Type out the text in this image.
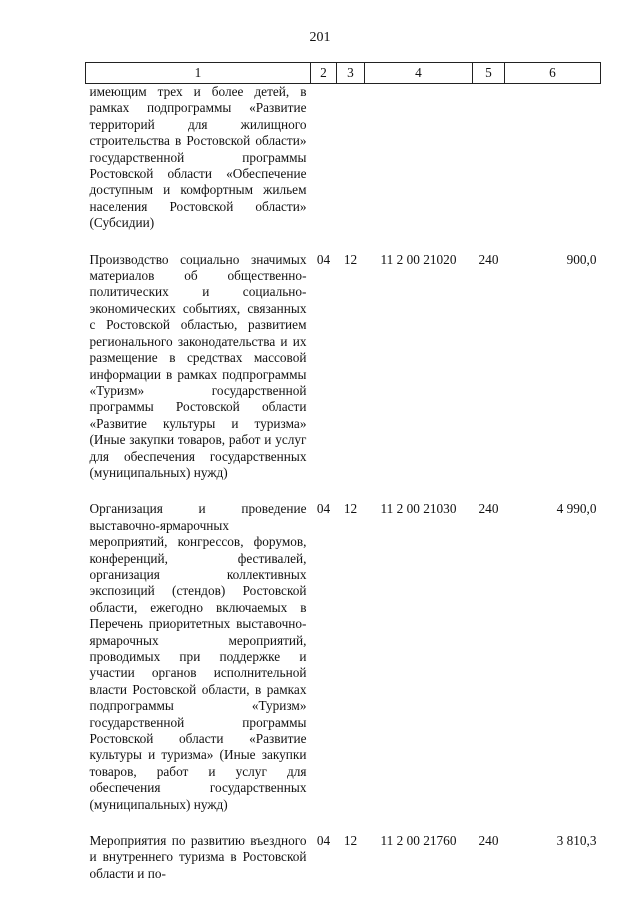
201
1	2	3	4	5	6
имеющим трех и более детей, в рамках подпрограммы «Развитие территорий для жилищного строительства в Ростовской области» государственной программы Ростовской области «Обеспечение доступным и комфортным жильем населения Ростовской области» (Субсидии)					
Производство социально значимых материалов об общественно-политических и социально-экономических событиях, связанных с Ростовской областью, развитием регионального законодательства и их размещение в средствах массовой информации в рамках подпрограммы «Туризм» государственной программы Ростовской области «Развитие культуры и туризма» (Иные закупки товаров, работ и услуг для обеспечения государственных (муниципальных) нужд)	04	12	11 2 00 21020	240	900,0
Организация и проведение выставочно-ярмарочных мероприятий, конгрессов, форумов, конференций, фестивалей, организация коллективных экспозиций (стендов) Ростовской области, ежегодно включаемых в Перечень приоритетных выставочно-ярмарочных мероприятий, проводимых при поддержке и участии органов исполнительной власти Ростовской области, в рамках подпрограммы «Туризм» государственной программы Ростовской области «Развитие культуры и туризма» (Иные закупки товаров, работ и услуг для обеспечения государственных (муниципальных) нужд)	04	12	11 2 00 21030	240	4 990,0
Мероприятия по развитию въездного и внутреннего туризма в Ростовской области и по-	04	12	11 2 00 21760	240	3 810,3
